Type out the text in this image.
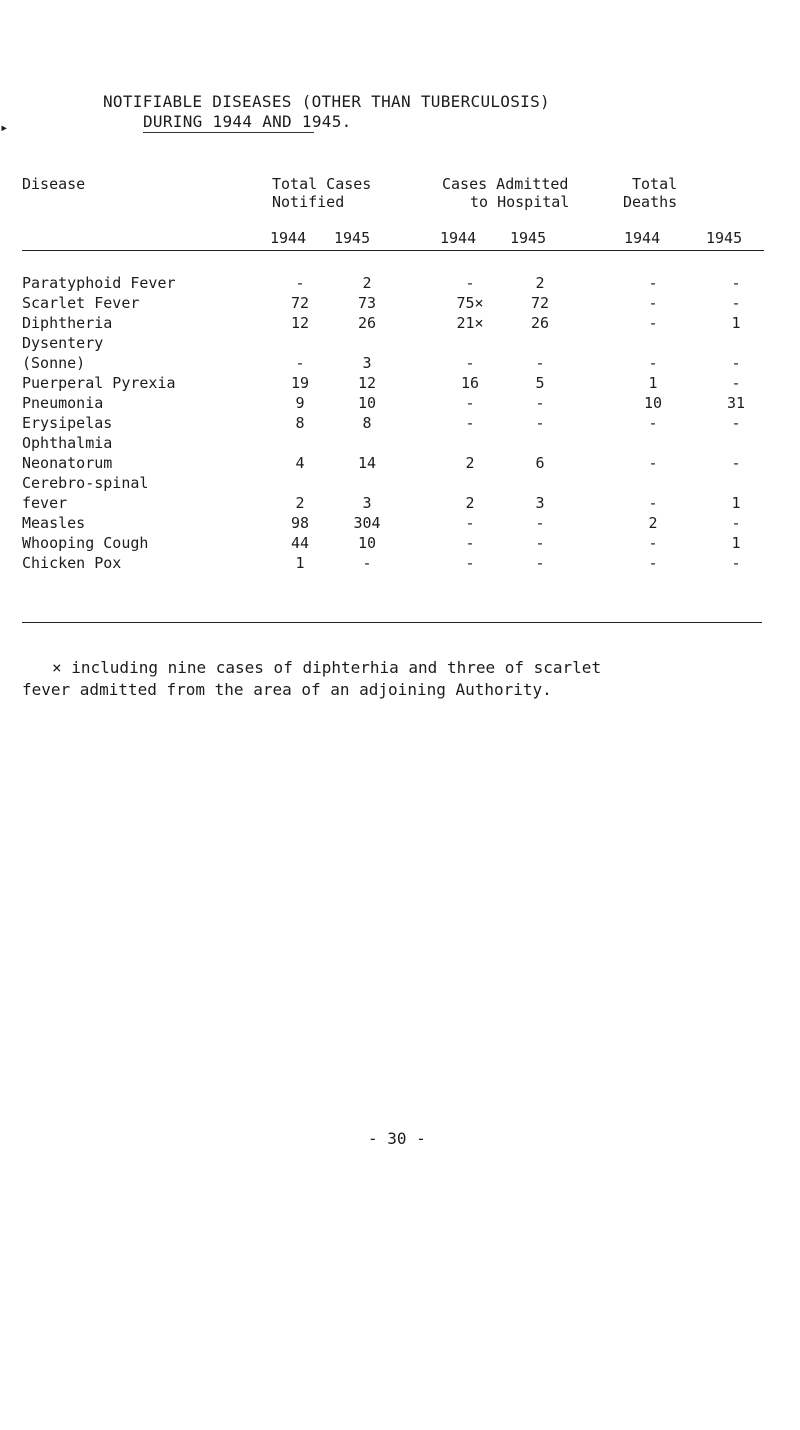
▸
NOTIFIABLE DISEASES (OTHER THAN TUBERCULOSIS)
DURING 1944 AND 1945.
Disease	Total Cases
Notified
Cases Admitted
to Hospital
Total
Deaths
1944 1945	1944 1945	1944	1945
Paratyphoid Fever	-	2	-	2	-	-
Scarlet Fever	72	73	75×	72	-	-
Diphtheria	12	26	21×	26	-	1
Dysentery
(Sonne)	-	3	-	-	-	-
Puerperal Pyrexia	19	12	16	5	1	-
Pneumonia	9	10	-	-	10	31
Erysipelas	8	8	-	-	-	-
Ophthalmia
Neonatorum	4	14	2	6	-	-
Cerebro-spinal
fever	2	3	2	3	-	1
Measles	98	304	-	-	2	-
Whooping Cough	44	10	-	-	-	1
Chicken Pox	1	-	-	-	-	-
× including nine cases of diphterhia and three of scarlet
fever admitted from the area of an adjoining Authority.
- 30 -
